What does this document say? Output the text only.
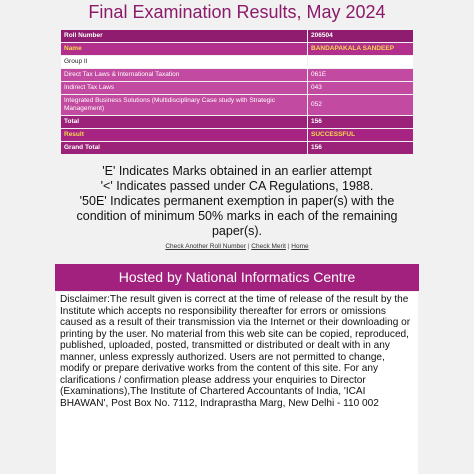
Final Examination Results, May 2024
Roll Number	206504
Name	BANDAPAKALA SANDEEP
Group II	
Direct Tax Laws & International Taxation	061E
Indirect Tax Laws	043
Integrated Business Solutions (Multidisciplinary Case study with Strategic Management)	052
Total	156
Result	SUCCESSFUL
Grand Total	156
'E' Indicates Marks obtained in an earlier attempt
'<' Indicates passed under CA Regulations, 1988.
'50E' Indicates permanent exemption in paper(s) with the condition of minimum 50% marks in each of the remaining paper(s).
Check Another Roll Number | Check Merit | Home
Hosted by National Informatics Centre
Disclaimer:The result given is correct at the time of release of the result by the Institute which accepts no responsibility thereafter for errors or omissions caused as a result of their transmission via the Internet or their downloading or printing by the user. No material from this web site can be copied, reproduced, published, uploaded, posted, transmitted or distributed or dealt with in any manner, unless expressly authorized. Users are not permitted to change, modify or prepare derivative works from the content of this site. For any clarifications / confirmation please address your enquiries to Director (Examinations),The Institute of Chartered Accountants of India, 'ICAI BHAWAN', Post Box No. 7112, Indraprastha Marg, New Delhi - 110 002
